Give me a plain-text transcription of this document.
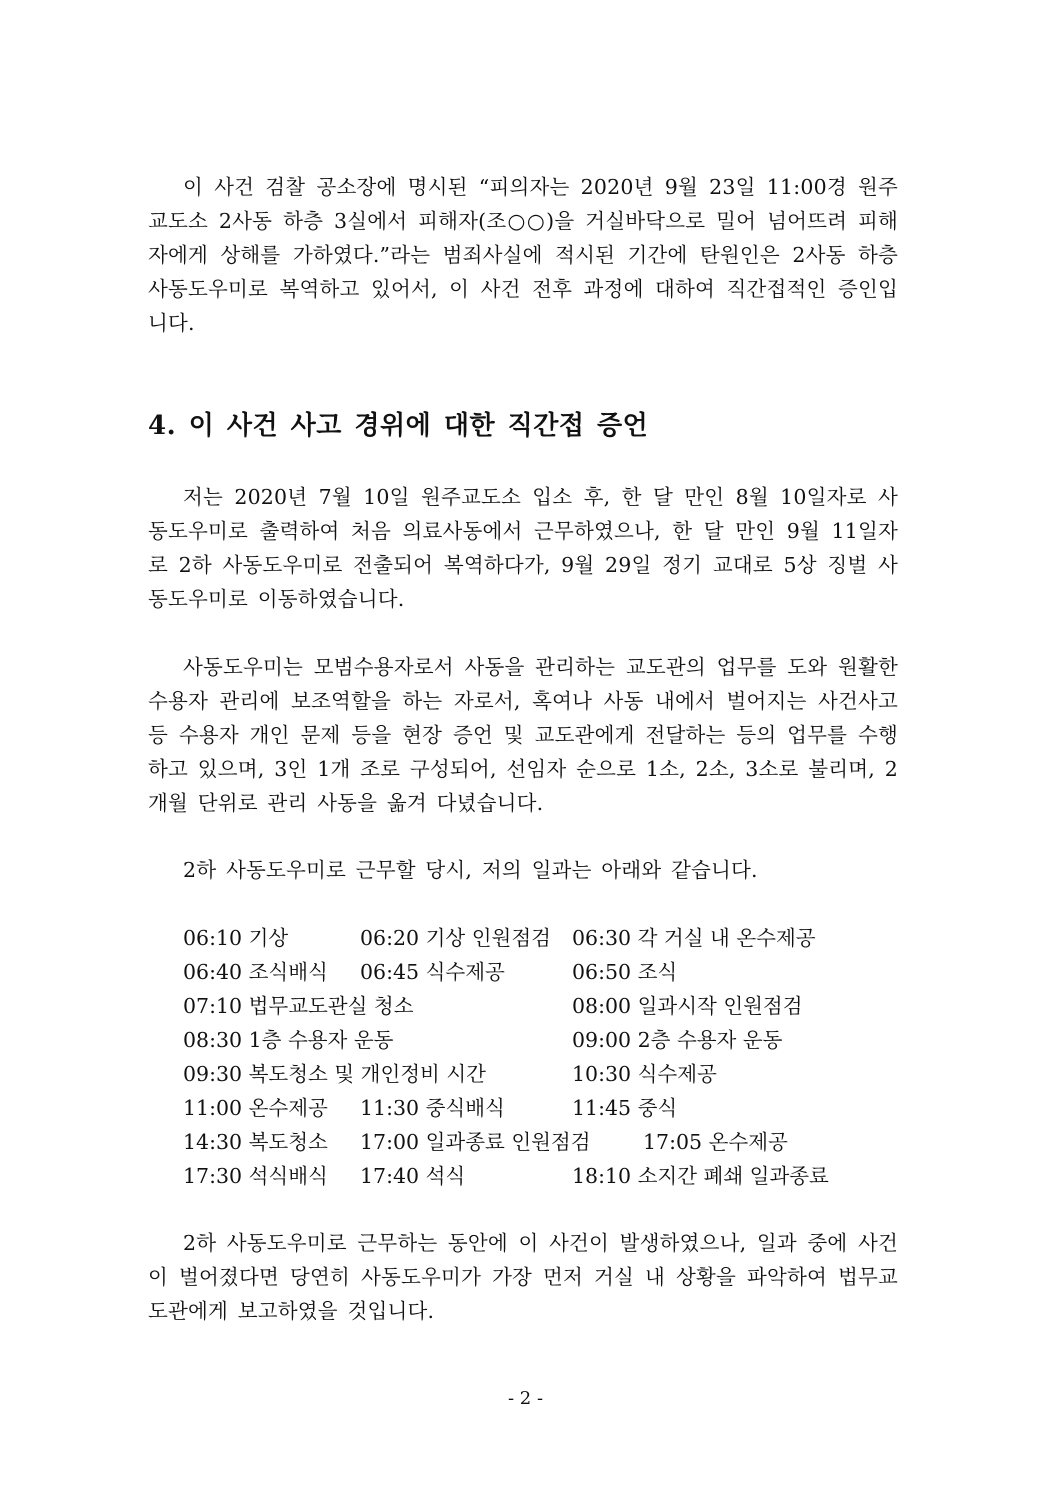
이 사건 검찰 공소장에 명시된 “피의자는 2020년 9월 23일 11:00경 원주교도소 2사동 하층 3실에서 피해자(조○○)을 거실바닥으로 밀어 넘어뜨려 피해자에게 상해를 가하였다.”라는 범죄사실에 적시된 기간에 탄원인은 2사동 하층 사동도우미로 복역하고 있어서, 이 사건 전후 과정에 대하여 직간접적인 증인입니다.

4. 이 사건 사고 경위에 대한 직간접 증언

저는 2020년 7월 10일 원주교도소 입소 후, 한 달 만인 8월 10일자로 사동도우미로 출력하여 처음 의료사동에서 근무하였으나, 한 달 만인 9월 11일자로 2하 사동도우미로 전출되어 복역하다가, 9월 29일 정기 교대로 5상 징벌 사동도우미로 이동하였습니다.

사동도우미는 모범수용자로서 사동을 관리하는 교도관의 업무를 도와 원활한 수용자 관리에 보조역할을 하는 자로서, 혹여나 사동 내에서 벌어지는 사건사고 등 수용자 개인 문제 등을 현장 증언 및 교도관에게 전달하는 등의 업무를 수행하고 있으며, 3인 1개 조로 구성되어, 선임자 순으로 1소, 2소, 3소로 불리며, 2개월 단위로 관리 사동을 옮겨 다녔습니다.

2하 사동도우미로 근무할 당시, 저의 일과는 아래와 같습니다.

06:10 기상	06:20 기상 인원점검 06:30 각 거실 내 온수제공
06:40 조식배식 06:45 식수제공	06:50 조식
07:10 법무교도관실 청소	08:00 일과시작 인원점검
08:30 1층 수용자 운동	09:00 2층 수용자 운동
09:30 복도청소 및 개인정비 시간	10:30 식수제공
11:00 온수제공 11:30 중식배식	11:45 중식
14:30 복도청소 17:00 일과종료 인원점검	17:05 온수제공
17:30 석식배식 17:40 석식	18:10 소지간 폐쇄 일과종료

2하 사동도우미로 근무하는 동안에 이 사건이 발생하였으나, 일과 중에 사건이 벌어졌다면 당연히 사동도우미가 가장 먼저 거실 내 상황을 파악하여 법무교도관에게 보고하였을 것입니다.

- 2 -
